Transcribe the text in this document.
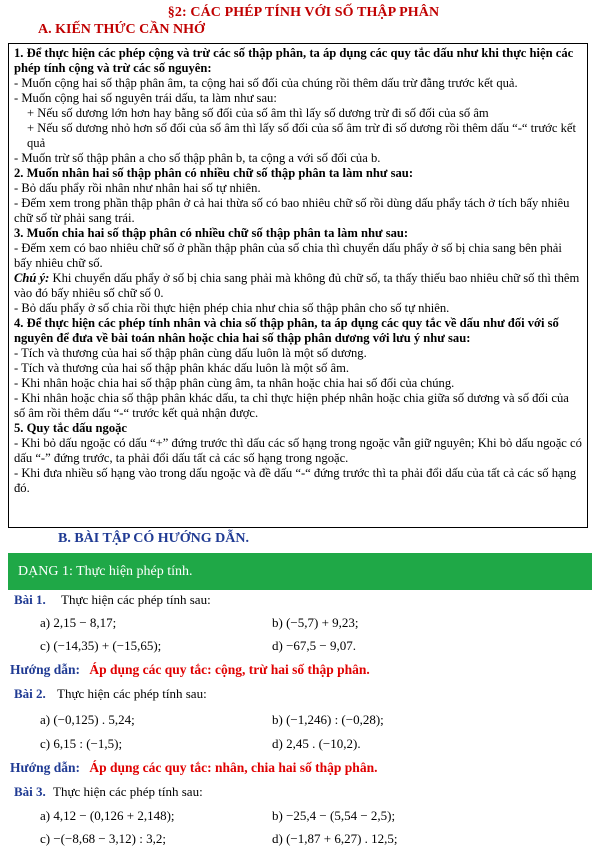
§2: CÁC PHÉP TÍNH VỚI SỐ THẬP PHÂN
A. KIẾN THỨC CẦN NHỚ

1. Để thực hiện các phép cộng và trừ các số thập phân, ta áp dụng các quy tắc dấu như khi thực hiện các phép tính cộng và trừ các số nguyên:

- Muốn cộng hai số thập phân âm, ta cộng hai số đối của chúng rồi thêm dấu trừ đằng trước kết quả.

- Muốn cộng hai số nguyên trái dấu, ta làm như sau:

+ Nếu số dương lớn hơn hay bằng số đối của số âm thì lấy số dương trừ đi số đối của số âm

+ Nếu số dương nhỏ hơn số đối của số âm thì lấy số đối của số âm trừ đi số dương rồi thêm dấu “-“ trước kết quả

- Muốn trừ số thập phân a cho số thập phân b, ta cộng a với số đối của b.

2. Muốn nhân hai số thập phân có nhiều chữ số thập phân ta làm như sau:

- Bỏ dấu phẩy rồi nhân như nhân hai số tự nhiên.

- Đếm xem trong phần thập phân ở cả hai thừa số có bao nhiêu chữ số rồi dùng dấu phẩy tách ở tích bấy nhiêu chữ số từ phải sang trái.

3. Muốn chia hai số thập phân có nhiều chữ số thập phân ta làm như sau:

- Đếm xem có bao nhiêu chữ số ở phần thập phân của số chia thì chuyển dấu phẩy ở số bị chia sang bên phải bấy nhiêu chữ số.

Chú ý: Khi chuyển dấu phẩy ở số bị chia sang phải mà không đủ chữ số, ta thấy thiếu bao nhiêu chữ số thì thêm vào đó bấy nhiêu số chữ số 0.

- Bỏ dấu phẩy ở số chia rồi thực hiện phép chia như chia số thập phân cho số tự nhiên.

4. Để thực hiện các phép tính nhân và chia số thập phân, ta áp dụng các quy tắc về dấu như đối với số nguyên để đưa về bài toán nhân hoặc chia hai số thập phân dương với lưu ý như sau:

- Tích và thương của hai số thập phân cùng dấu luôn là một số dương.

- Tích và thương của hai số thập phân khác dấu luôn là một số âm.

- Khi nhân hoặc chia hai số thập phân cùng âm, ta nhân hoặc chia hai số đối của chúng.

- Khi nhân hoặc chia số thập phân khác dấu, ta chỉ thực hiện phép nhân hoặc chia giữa số dương và số đối của số âm rồi thêm dấu “-“ trước kết quả nhận được.

5. Quy tắc dấu ngoặc

- Khi bỏ dấu ngoặc có dấu “+” đứng trước thì dấu các số hạng trong ngoặc vẫn giữ nguyên; Khi bỏ dấu ngoặc có dấu “-” đứng trước, ta phải đổi dấu tất cả các số hạng trong ngoặc.

- Khi đưa nhiều số hạng vào trong dấu ngoặc và đề dấu “-“ đứng trước thì ta phải đổi dấu của tất cả các số hạng đó.

B. BÀI TẬP CÓ HƯỚNG DẪN.
DẠNG 1: Thực hiện phép tính.
Bài 1. Thực hiện các phép tính sau:
a) 2,15 − 8,17;	b) (−5,7) + 9,23;
c) (−14,35) + (−15,65);	d) −67,5 − 9,07.
Hướng dẫn: Áp dụng các quy tắc: cộng, trừ hai số thập phân.
Bài 2. Thực hiện các phép tính sau:
a) (−0,125) . 5,24;	b) (−1,246) : (−0,28);
c) 6,15 : (−1,5);	d) 2,45 . (−10,2).
Hướng dẫn: Áp dụng các quy tắc: nhân, chia hai số thập phân.
Bài 3. Thực hiện các phép tính sau:
a) 4,12 − (0,126 + 2,148);	b) −25,4 − (5,54 − 2,5);
c) −(−8,68 − 3,12) : 3,2;	d) (−1,87 + 6,27) . 12,5;
